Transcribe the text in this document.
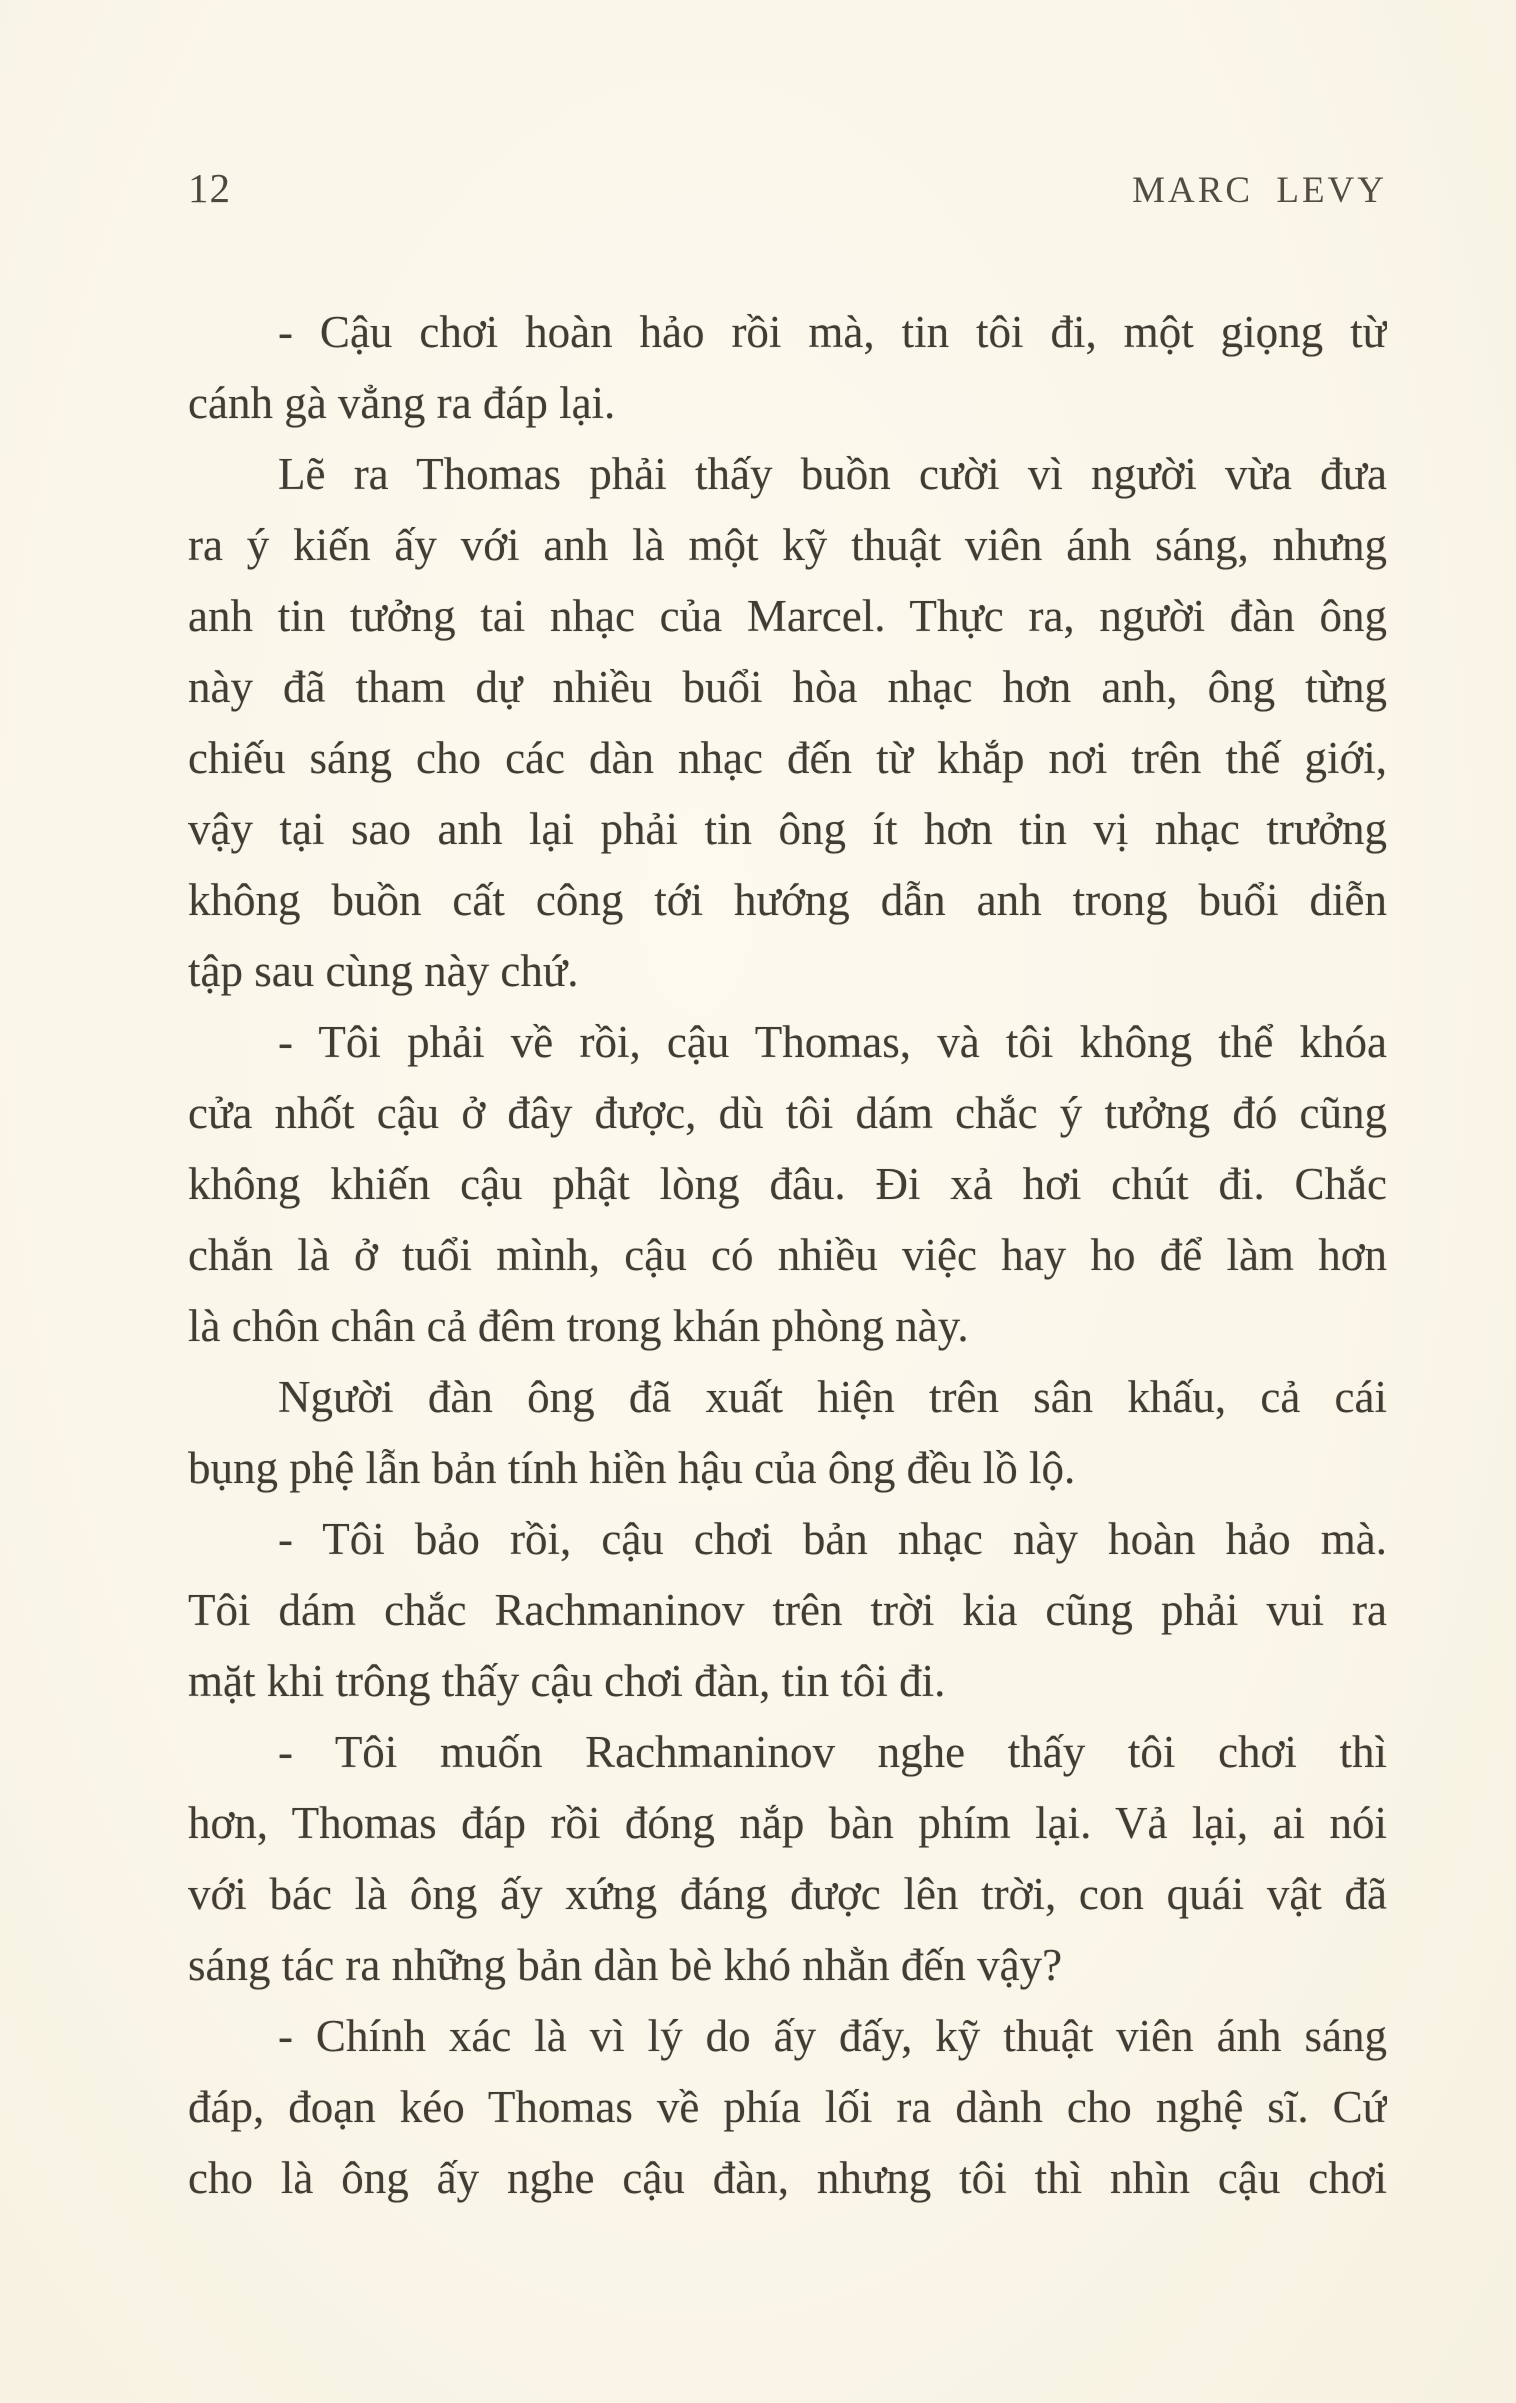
12	MARC LEVY
- Cậu chơi hoàn hảo rồi mà, tin tôi đi, một giọng từ
cánh gà vẳng ra đáp lại.
Lẽ ra Thomas phải thấy buồn cười vì người vừa đưa
ra ý kiến ấy với anh là một kỹ thuật viên ánh sáng, nhưng
anh tin tưởng tai nhạc của Marcel. Thực ra, người đàn ông
này đã tham dự nhiều buổi hòa nhạc hơn anh, ông từng
chiếu sáng cho các dàn nhạc đến từ khắp nơi trên thế giới,
vậy tại sao anh lại phải tin ông ít hơn tin vị nhạc trưởng
không buồn cất công tới hướng dẫn anh trong buổi diễn
tập sau cùng này chứ.
- Tôi phải về rồi, cậu Thomas, và tôi không thể khóa
cửa nhốt cậu ở đây được, dù tôi dám chắc ý tưởng đó cũng
không khiến cậu phật lòng đâu. Đi xả hơi chút đi. Chắc
chắn là ở tuổi mình, cậu có nhiều việc hay ho để làm hơn
là chôn chân cả đêm trong khán phòng này.
Người đàn ông đã xuất hiện trên sân khấu, cả cái
bụng phệ lẫn bản tính hiền hậu của ông đều lồ lộ.
- Tôi bảo rồi, cậu chơi bản nhạc này hoàn hảo mà.
Tôi dám chắc Rachmaninov trên trời kia cũng phải vui ra
mặt khi trông thấy cậu chơi đàn, tin tôi đi.
- Tôi muốn Rachmaninov nghe thấy tôi chơi thì
hơn, Thomas đáp rồi đóng nắp bàn phím lại. Vả lại, ai nói
với bác là ông ấy xứng đáng được lên trời, con quái vật đã
sáng tác ra những bản dàn bè khó nhằn đến vậy?
- Chính xác là vì lý do ấy đấy, kỹ thuật viên ánh sáng
đáp, đoạn kéo Thomas về phía lối ra dành cho nghệ sĩ. Cứ
cho là ông ấy nghe cậu đàn, nhưng tôi thì nhìn cậu chơi
